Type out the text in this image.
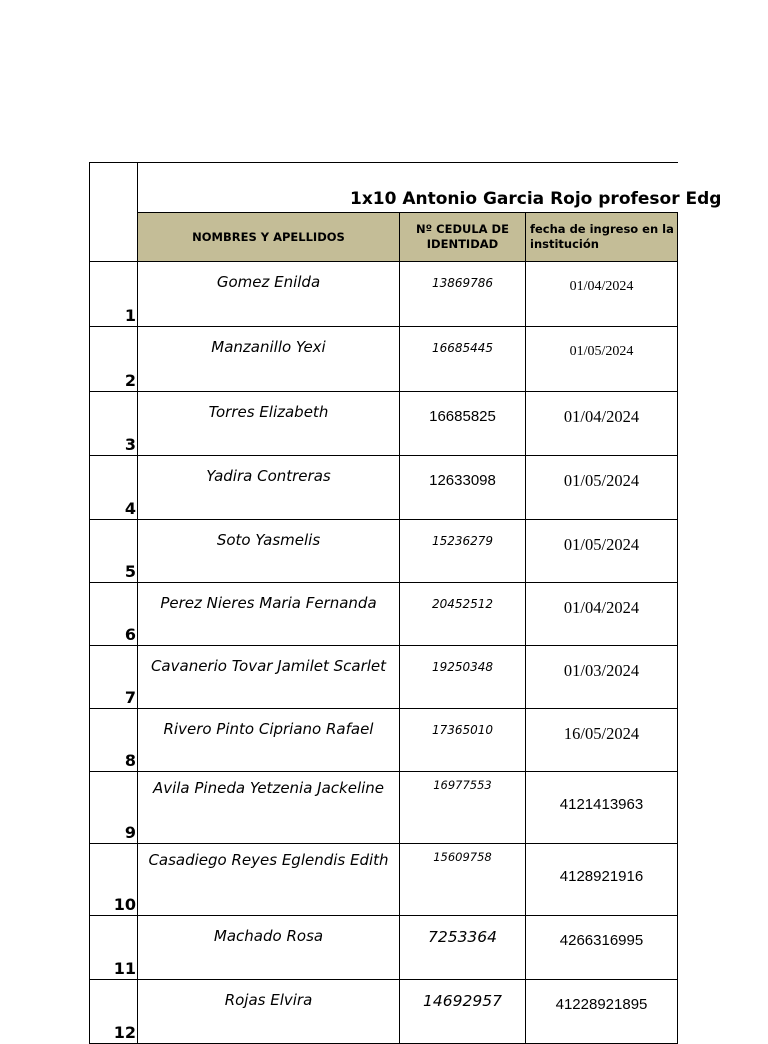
	1x10 Antonio Garcia Rojo profesor Edg		
	NOMBRES Y APELLIDOS	Nº CEDULA DE IDENTIDAD	fecha de ingreso en la institución
1	Gomez Enilda	13869786	01/04/2024
2	Manzanillo Yexi	16685445	01/05/2024
3	Torres Elizabeth	16685825	01/04/2024
4	Yadira Contreras	12633098	01/05/2024
5	Soto Yasmelis	15236279	01/05/2024
6	Perez Nieres Maria Fernanda	20452512	01/04/2024
7	Cavanerio Tovar Jamilet Scarlet	19250348	01/03/2024
8	Rivero Pinto Cipriano Rafael	17365010	16/05/2024
9	Avila Pineda Yetzenia Jackeline	16977553	4121413963
10	Casadiego Reyes Eglendis Edith	15609758	4128921916
11	Machado Rosa	7253364	4266316995
12	Rojas Elvira	14692957	41228921895
